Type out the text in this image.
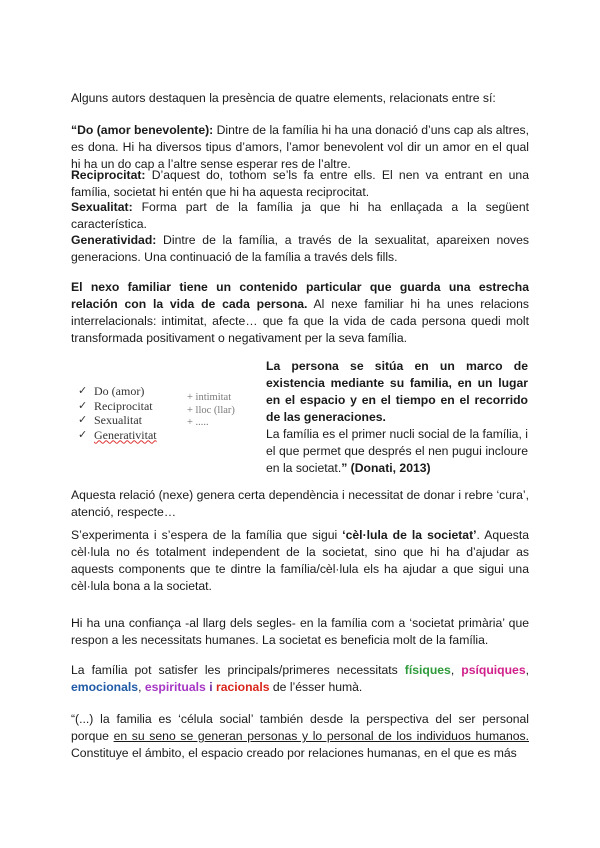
Alguns autors destaquen la presència de quatre elements, relacionats entre sí:

“Do (amor benevolente): Dintre de la família hi ha una donació d’uns cap als altres, es dona. Hi ha diversos tipus d’amors, l’amor benevolent vol dir un amor en el qual hi ha un do cap a l’altre sense esperar res de l’altre.

Reciprocitat: D’aquest do, tothom se’ls fa entre ells. El nen va entrant en una família, societat hi entén que hi ha aquesta reciprocitat.

Sexualitat: Forma part de la família ja que hi ha enllaçada a la següent característica.

Generatividad: Dintre de la família, a través de la sexualitat, apareixen noves generacions. Una continuació de la família a través dels fills.

El nexo familiar tiene un contenido particular que guarda una estrecha relación con la vida de cada persona. Al nexe familiar hi ha unes relacions interrelacionals: intimitat, afecte… que fa que la vida de cada persona quedi molt transformada positivament o negativament per la seva família.

✓ Do (amor)
✓ Reciprocitat
✓ Sexualitat
✓ Generativitat
+ intimitat
+ lloc (llar)
+ .....

La persona se sitúa en un marco de existencia mediante su familia, en un lugar en el espacio y en el tiempo en el recorrido de las generaciones.
La família es el primer nucli social de la família, i el que permet que després el nen pugui incloure en la societat.” (Donati, 2013)

Aquesta relació (nexe) genera certa dependència i necessitat de donar i rebre ‘cura’, atenció, respecte…

S’experimenta i s’espera de la família que sigui ‘cèl·lula de la societat’. Aquesta cèl·lula no és totalment independent de la societat, sino que hi ha d’ajudar as aquests components que te dintre la família/cèl·lula els ha ajudar a que sigui una cèl·lula bona a la societat.

Hi ha una confiança -al llarg dels segles- en la família com a ‘societat primària’ que respon a les necessitats humanes. La societat es beneficia molt de la família.

La família pot satisfer les principals/primeres necessitats físiques, psíquiques, emocionals, espirituals i racionals de l’ésser humà.

“(...) la familia es ‘célula social’ también desde la perspectiva del ser personal porque en su seno se generan personas y lo personal de los individuos humanos. Constituye el ámbito, el espacio creado por relaciones humanas, en el que es más
